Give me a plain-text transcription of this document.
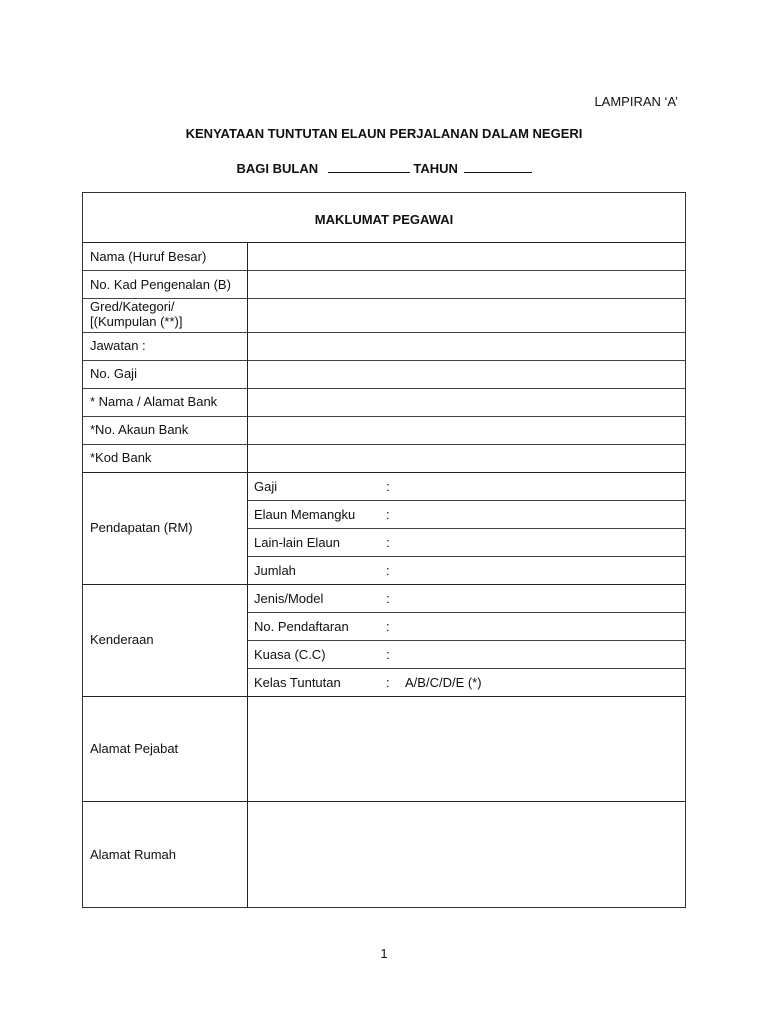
LAMPIRAN ‘A’
KENYATAAN TUNTUTAN ELAUN PERJALANAN DALAM NEGERI
BAGI BULAN	TAHUN
MAKLUMAT PEGAWAI
Nama (Huruf Besar)
No. Kad Pengenalan (B)
Gred/Kategori/
[(Kumpulan (**)]
Jawatan :
No. Gaji
* Nama / Alamat Bank
*No. Akaun Bank
*Kod Bank
Pendapatan (RM)
Gaji
Elaun Memangku
Lain-lain Elaun
Jumlah
:
:
:
:
Kenderaan
Jenis/Model
No. Pendaftaran
Kuasa (C.C)
Kelas Tuntutan
:
:
:
: A/B/C/D/E (*)
Alamat Pejabat
Alamat Rumah
1
